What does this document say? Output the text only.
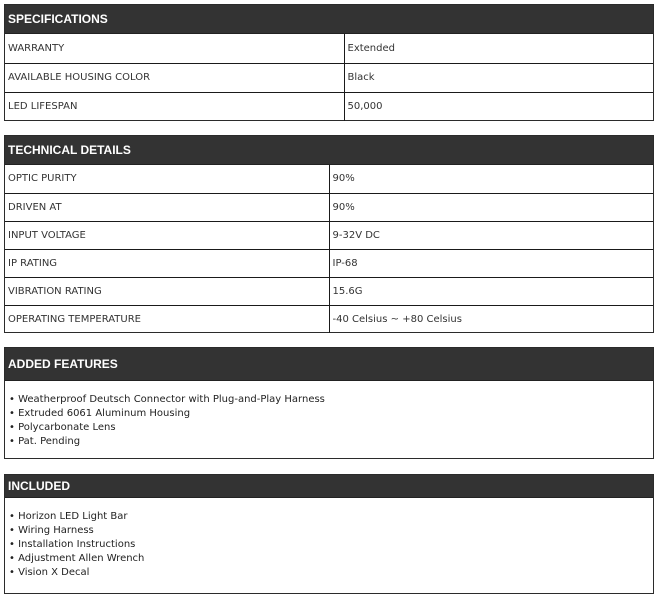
SPECIFICATIONS
WARRANTY	Extended
AVAILABLE HOUSING COLOR	Black
LED LIFESPAN	50,000
TECHNICAL DETAILS
OPTIC PURITY	90%
DRIVEN AT	90%
INPUT VOLTAGE	9-32V DC
IP RATING	IP-68
VIBRATION RATING	15.6G
OPERATING TEMPERATURE	-40 Celsius ~ +80 Celsius
ADDED FEATURES
• Weatherproof Deutsch Connector with Plug-and-Play Harness
• Extruded 6061 Aluminum Housing
• Polycarbonate Lens
• Pat. Pending
INCLUDED
• Horizon LED Light Bar
• Wiring Harness
• Installation Instructions
• Adjustment Allen Wrench
• Vision X Decal
